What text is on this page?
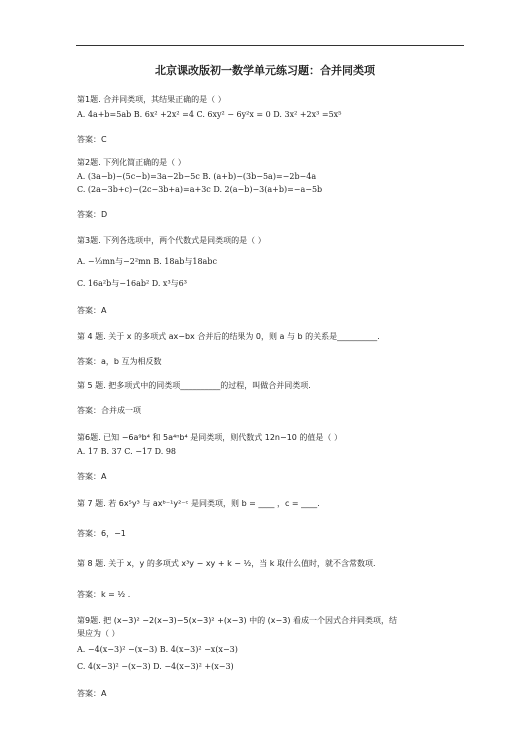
北京课改版初一数学单元练习题：合并同类项
第1题. 合并同类项，其结果正确的是（ ）
A. 4a+b=5ab B. 6x² +2x² =4 C. 6xy² − 6y²x = 0 D. 3x² +2x³ =5x⁵
答案：C
第2题. 下列化简正确的是（ ）
A. (3a−b)−(5c−b)=3a−2b−5c B. (a+b)−(3b−5a)=−2b−4a
C. (2a−3b+c)−(2c−3b+a)=a+3c D. 2(a−b)−3(a+b)=−a−5b
答案：D
第3题. 下列各选项中，两个代数式是同类项的是（ ）
A. −⅓mn与−2²mn B. 18ab与18abc
C. 16a²b与−16ab² D. x³与6³
答案：A
第 4 题. 关于 x 的多项式 ax−bx 合并后的结果为 0，则 a 与 b 的关系是__________.
答案：a，b 互为相反数
第 5 题. 把多项式中的同类项__________的过程，叫做合并同类项.
答案：合并成一项
第6题. 已知 −6a⁹b⁴ 和 5a⁴ⁿb⁴ 是同类项，则代数式 12n−10 的值是（ ）
A. 17 B. 37 C. −17 D. 98
答案：A
第 7 题. 若 6x⁵y³ 与 axᵇ⁻¹y²⁻ᶜ 是同类项，则 b = ____ ，c = ____.
答案：6，−1
第 8 题. 关于 x，y 的多项式 x³y − xy + k − ½，当 k 取什么值时，就不含常数项.
答案：k = ½ .
第9题. 把 (x−3)² −2(x−3)−5(x−3)² +(x−3) 中的 (x−3) 看成一个因式合并同类项，结
果应为（ ）
A. −4(x−3)² −(x−3) B. 4(x−3)² −x(x−3)
C. 4(x−3)² −(x−3) D. −4(x−3)² +(x−3)
答案：A
